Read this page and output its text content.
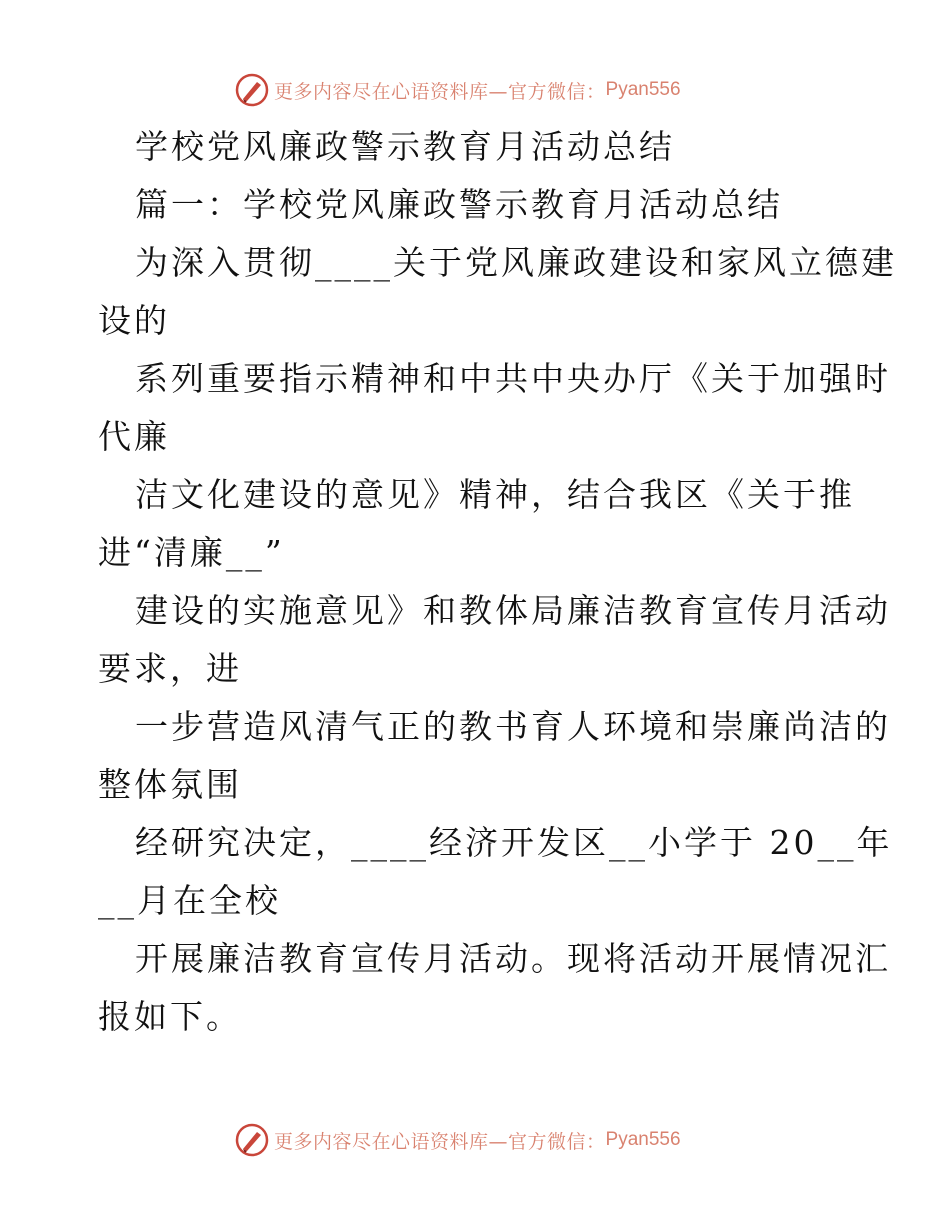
更多内容尽在心语资料库—官方微信： Pyan556
学校党风廉政警示教育月活动总结
篇一：学校党风廉政警示教育月活动总结
为深入贯彻____关于党风廉政建设和家风立德建
设的
系列重要指示精神和中共中央办厅《关于加强时
代廉
洁文化建设的意见》精神，结合我区《关于推
进“清廉__”
建设的实施意见》和教体局廉洁教育宣传月活动
要求，进
一步营造风清气正的教书育人环境和崇廉尚洁的
整体氛围
经研究决定，____经济开发区__小学于 20__年
__月在全校
开展廉洁教育宣传月活动。现将活动开展情况汇
报如下。
更多内容尽在心语资料库—官方微信： Pyan556
